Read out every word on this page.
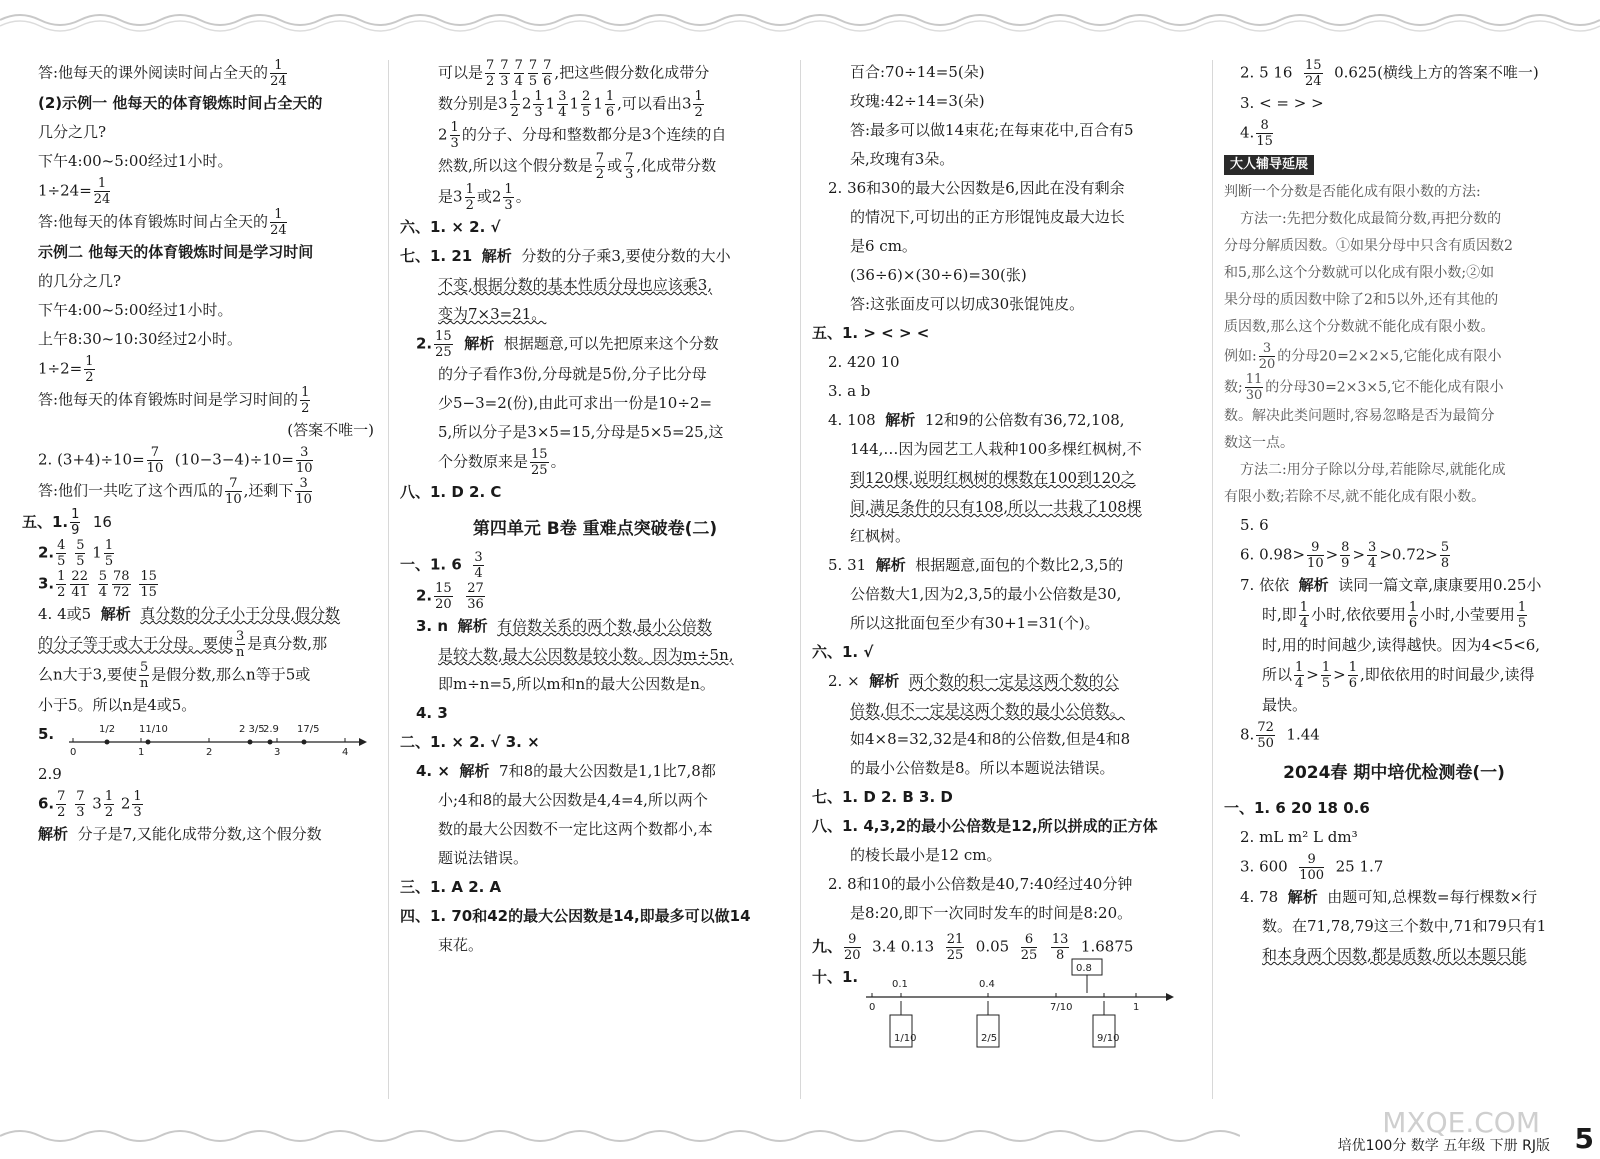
答:他每天的课外阅读时间占全天的 $\frac{1}{24}$
(2)示例一 他每天的体育锻炼时间占全天的
几分之几?
下午4:00~5:00经过1小时。
$1\div 24= \frac{1}{24}$
答:他每天的体育锻炼时间占全天的 $\frac{1}{24}$
示例二 他每天的体育锻炼时间是学习时间
的几分之几?
下午4:00~5:00经过1小时。
上午8:30~10:30经过2小时。
$1\div 2= \frac{1}{2}$
答:他每天的体育锻炼时间是学习时间的 $\frac{1}{2}$
(答案不唯一)
2. $(3+4)\div 10= \frac{7}{10} (10-3-4)\div 10= \frac{3}{10}$
答:他们一共吃了这个西瓜的 $\frac{7}{10}$ ,还剩下 $\frac{3}{10}$
五、1. $\frac{1}{9} 16$
2. $\frac{4}{5}$
$\frac{5}{5} 1 \frac{1}{5}$
3. $\frac{1}{2} \frac{22}{41}$
$\frac{5}{4} \frac{78}{72}$
$\frac{15}{15}$
4. 4或5 解析 真分数的分子小于分母,假分数
的分子等于或大于分母。要使 $\frac{3}{n}$ 是真分数,那
么n大于3,要使 $\frac{5}{n}$ 是假分数,那么n等于5或
小于5。所以n是4或5。
5.
0	1	2	3	4
1/2 11/10	2 3/5
2.9 17/5
2.9
6. $\frac{7}{2}$
$\frac{7}{3} 3 \frac{1}{2} 2 \frac{1}{3}$
解析 分子是7,又能化成带分数,这个假分数
可以是 $\frac{7}{2} \frac{7}{3} \frac{7}{4} \frac{7}{5} \frac{7}{6}$ ,把这些假分数化成带分
数分别是$3 \frac{1}{2} 2 \frac{1}{3} 1 \frac{3}{4} 1 \frac{2}{5} 1 \frac{1}{6}$ ,可以看出$3 \frac{1}{2}$
$2 \frac{1}{3}$ 的分子、分母和整数都分是3个连续的自
然数,所以这个假分数是 $\frac{7}{2}$ 或 $\frac{7}{3}$ ,化成带分数
是$3 \frac{1}{2}$ 或$2 \frac{1}{3}$ 。
六、1. × 2. √
七、1. 21 解析 分数的分子乘3,要使分数的大小
不变,根据分数的基本性质分母也应该乘3,
变为7×3=21。
2. $\frac{15}{25}$ 解析 根据题意,可以先把原来这个分数
的分子看作3份,分母就是5份,分子比分母
少5−3=2(份),由此可求出一份是10÷2=
5,所以分子是3×5=15,分母是5×5=25,这
个分数原来是 $\frac{15}{25}$ 。
八、1. D 2. C
第四单元 B卷 重难点突破卷(二)
一、1. $6 \frac{3}{4}$
2. $\frac{15}{20}$
$\frac{27}{36}$
3. n 解析 有倍数关系的两个数,最小公倍数
是较大数,最大公因数是较小数。因为m÷5n,
即m÷n=5,所以m和n的最大公因数是n。
4. 3
二、1. × 2. √ 3. ×
4. × 解析 7和8的最大公因数是1,1比7,8都
小;4和8的最大公因数是4,4=4,所以两个
数的最大公因数不一定比这两个数都小,本
题说法错误。
三、1. A 2. A
四、1. 70和42的最大公因数是14,即最多可以做14
束花。
百合:70÷14=5(朵)
玫瑰:42÷14=3(朵)
答:最多可以做14束花;在每束花中,百合有5
朵,玫瑰有3朵。
2. 36和30的最大公因数是6,因此在没有剩余
的情况下,可切出的正方形馄饨皮最大边长
是6 cm。
(36÷6)×(30÷6)=30(张)
答:这张面皮可以切成30张馄饨皮。
五、1. > < > <
2. 420 10
3. a b
4. 108 解析 12和9的公倍数有36,72,108,
144,…因为园艺工人栽种100多棵红枫树,不
到120棵,说明红枫树的棵数在100到120之
间,满足条件的只有108,所以一共栽了108棵
红枫树。
5. 31 解析 根据题意,面包的个数比2,3,5的
公倍数大1,因为2,3,5的最小公倍数是30,
所以这批面包至少有30+1=31(个)。
六、1. √
2. × 解析 两个数的积一定是这两个数的公
倍数,但不一定是这两个数的最小公倍数。
如4×8=32,32是4和8的公倍数,但是4和8
的最小公倍数是8。所以本题说法错误。
七、1. D 2. B 3. D
八、1. 4,3,2的最小公倍数是12,所以拼成的正方体
的棱长最小是12 cm。
2. 8和10的最小公倍数是40,7:40经过40分钟
是8:20,即下一次同时发车的时间是8:20。
九、 $\frac{9}{20} 3.4$ $0.13 \frac{21}{25} 0.05 \frac{6}{25}$
$\frac{13}{8} 1.6875$
十、1.
0
0.1	0.4
7/10	1
0.8
1/10	2/5	9/10
2. 5 $16 \frac{15}{24} 0.625$(横线上方的答案不唯一)
3. < = > >
4. $\frac{8}{15}$
大人辅导延展
判断一个分数是否能化成有限小数的方法:
方法一:先把分数化成最简分数,再把分数的
分母分解质因数。①如果分母中只含有质因数2
和5,那么这个分数就可以化成有限小数;②如
果分母的质因数中除了2和5以外,还有其他的
质因数,那么这个分数就不能化成有限小数。
例如: $\frac{3}{20}$ 的分母20=2×2×5,它能化成有限小
数; $\frac{11}{30}$ 的分母30=2×3×5,它不能化成有限小
数。解决此类问题时,容易忽略是否为最简分
数这一点。
方法二:用分子除以分母,若能除尽,就能化成
有限小数;若除不尽,就不能化成有限小数。
5. 6
6. $0.98> \frac{9}{10} > \frac{8}{9} > \frac{3}{4} >0.72> \frac{5}{8}$
7. 依依 解析 读同一篇文章,康康要用0.25小
时,即 $\frac{1}{4}$ 小时,依依要用 $\frac{1}{6}$ 小时,小莹要用 $\frac{1}{5}$
时,用的时间越少,读得越快。因为4<5<6,
所以 $\frac{1}{4} > \frac{1}{5} > \frac{1}{6}$ ,即依依用的时间最少,读得
最快。
8. $\frac{72}{50} 1.44$
2024春 期中培优检测卷(一)
一、1. 6 20 18 0.6
2. mL m² L dm³
3. $600 \frac{9}{100} 25$ 1.7
4. 78 解析 由题可知,总棵数=每行棵数×行
数。在71,78,79这三个数中,71和79只有1
和本身两个因数,都是质数,所以本题只能
MXQE.COM
培优100分 数学 五年级 下册 RJ版 5
